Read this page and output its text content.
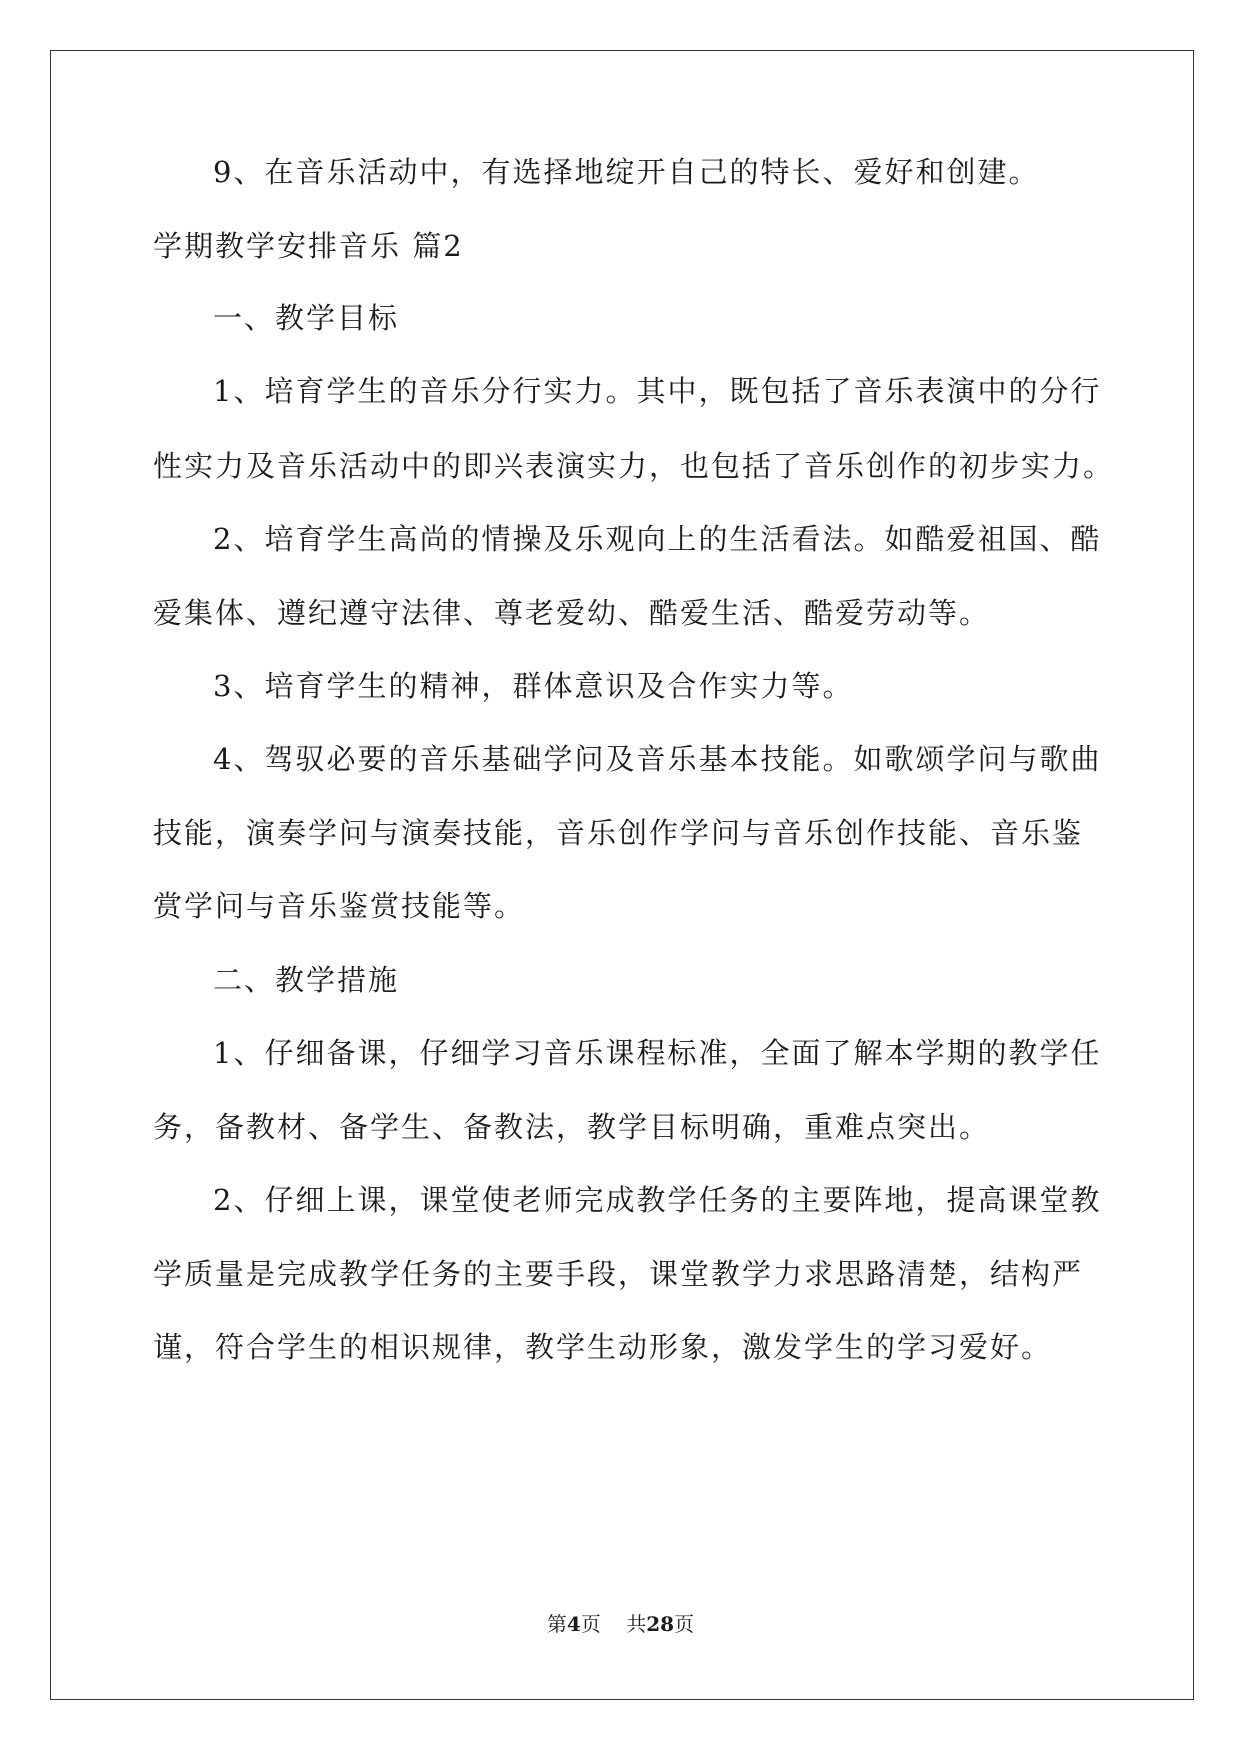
9、在音乐活动中，有选择地绽开自己的特长、爱好和创建。
学期教学安排音乐 篇2
一、教学目标
1、培育学生的音乐分行实力。其中，既包括了音乐表演中的分行
性实力及音乐活动中的即兴表演实力，也包括了音乐创作的初步实力。
2、培育学生高尚的情操及乐观向上的生活看法。如酷爱祖国、酷
爱集体、遵纪遵守法律、尊老爱幼、酷爱生活、酷爱劳动等。
3、培育学生的精神，群体意识及合作实力等。
4、驾驭必要的音乐基础学问及音乐基本技能。如歌颂学问与歌曲
技能，演奏学问与演奏技能，音乐创作学问与音乐创作技能、音乐鉴
赏学问与音乐鉴赏技能等。
二、教学措施
1、仔细备课，仔细学习音乐课程标准，全面了解本学期的教学任
务，备教材、备学生、备教法，教学目标明确，重难点突出。
2、仔细上课，课堂使老师完成教学任务的主要阵地，提高课堂教
学质量是完成教学任务的主要手段，课堂教学力求思路清楚，结构严
谨，符合学生的相识规律，教学生动形象，激发学生的学习爱好。
第4页 共28页
